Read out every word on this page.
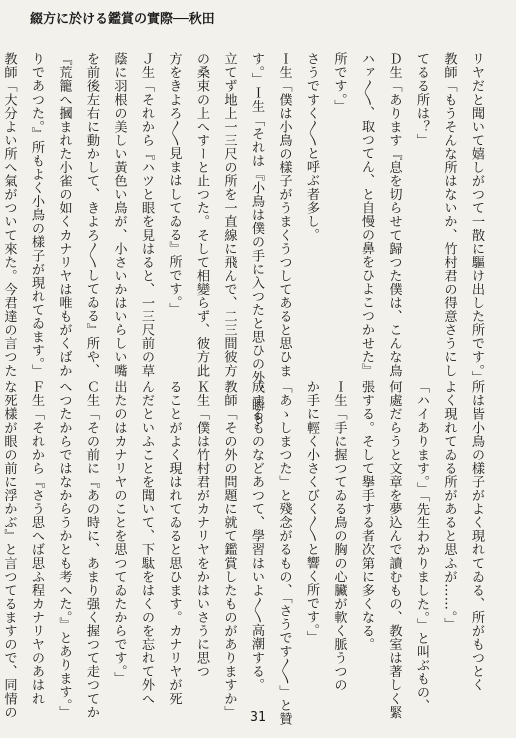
綴方に於ける鑑賞の實際──秋田
リヤだと聞いて嬉しがつて一散に驅け出した所です。」
教師「もうそんな所はないか、竹村君の得意さうにし
てるる所は？」
Ｄ生「あります『息を切らせて歸つた僕は、こんな鳥
ハァ〳〵、取つてん、と自慢の鼻をひよこつかせた』
所です。」
さうですく〳〵と呼ぶ者多し。
Ｉ生「僕は小鳥の樣子がうまくうつしてあると思ひま
す。」Ｉ生「それは『小鳥は僕の手に入つたと思ひの外、瞬も
立てず地上一三尺の所を一直線に飛んで、二三間彼方
の桑束の上へすーと止つた。そして相變らず、彼方此
方をきよろ〳〵見まはしてゐる』所です。」
Ｊ生「それから『ハツと眼を見はると、一三尺前の草
蔭に羽根の美しい黃色い鳥が、小さいかはいらしい嘴
を前後左右に動かして、きよろ〳〵してゐる』所や、
『荒籠へ摑まれた小雀の如くカナリヤは唯もがくばか
りであつた。』所もよく小鳥の樣子が現れてゐます。」
教師「大分よい所へ氣がついて來た。今君達の言つた
所は皆小鳥の樣子がよく現れてゐる、所がもつとく
よく現れてゐる所があると思ふが……。」
「ハイあります。」「先生わかりました。」と叫ぶもの、
何處だらうと文章を夢込んで讀むもの、教室は著しく緊
張する。そして擧手する者次第に多くなる。
Ｉ生「手に握つてゐる鳥の胸の心臟が軟く脈うつの
か手に輕く小さくびく〳〵と響く所です。」
「あゝしまつた」と殘念がるもの、「さうです〳〵」と贊
成するものなどあつて、學習はいよ〳〵高潮する。
教師「その外の問題に就て鑑賞したものがありますか」
Ｋ生「僕は竹村君がカナリヤをかはいさうに思つ
ることがよく現はれてゐると思ひます。カナリヤが死
んだといふことを聞いて、下駄をはくのを忘れて外へ
出たのはカナリヤのことを思つてゐたからです。」
Ｃ生「その前に『あの時に、あまり强く握つて走つてか
へつたからではなからうかとも考へた。』とあります。」
Ｆ生「それから『さう思へば思ふ程カナリヤのあはれ
な死樣が眼の前に浮かぶ』と言つてるますので、同情の	31
